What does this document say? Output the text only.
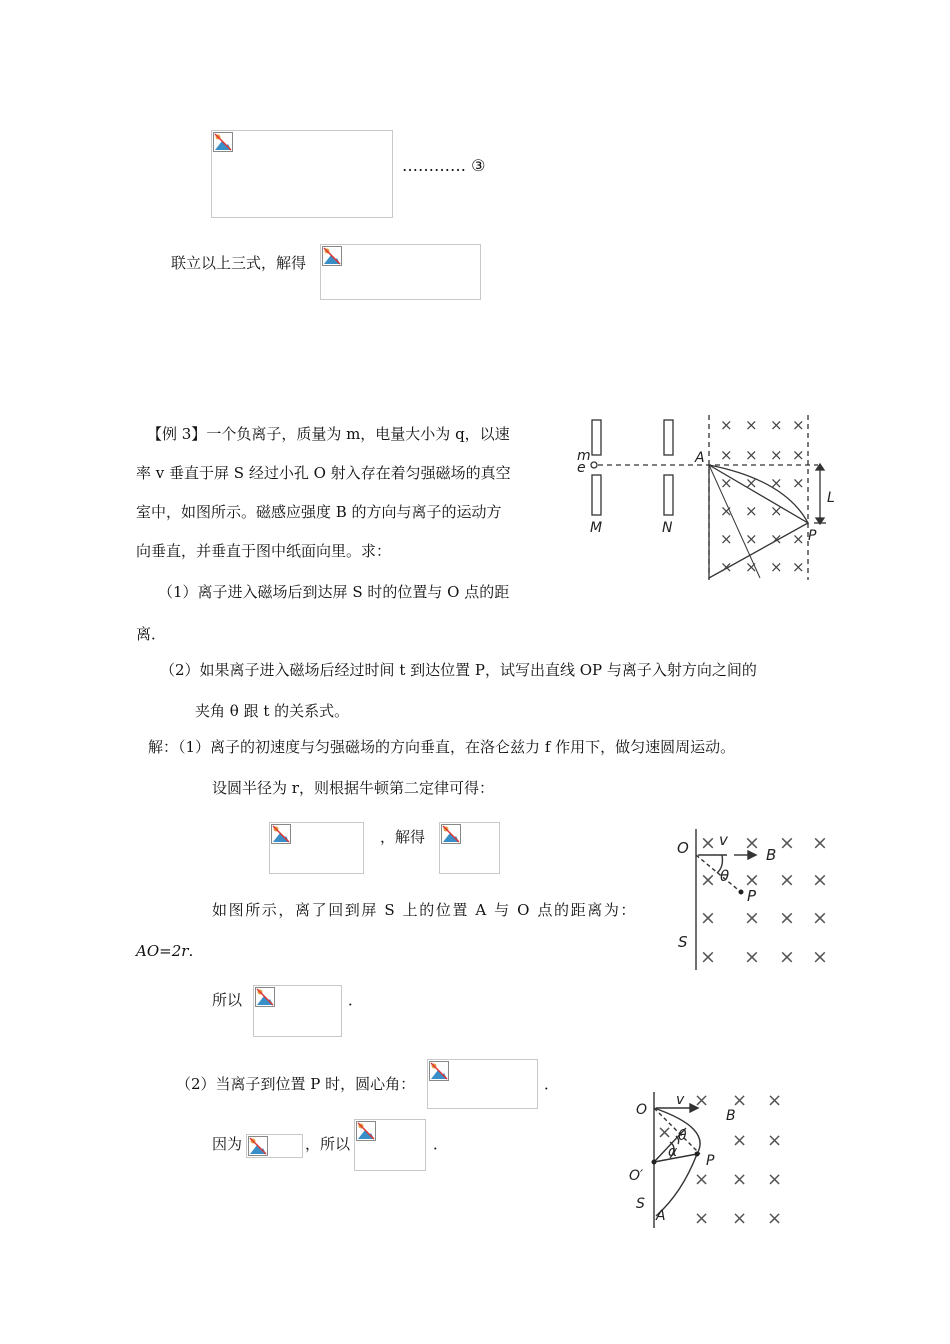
………… ③
联立以上三式，解得
【例 3】一个负离子，质量为 m，电量大小为 q，以速
率 v 垂直于屏 S 经过小孔 O 射入存在着匀强磁场的真空
室中，如图所示。磁感应强度 B 的方向与离子的运动方
向垂直，并垂直于图中纸面向里。求：
（1）离子进入磁场后到达屏 S 时的位置与 O 点的距
离．
（2）如果离子进入磁场后经过时间 t 到达位置 P，试写出直线 OP 与离子入射方向之间的
夹角 θ 跟 t 的关系式。
× × × ×
× × × ×
× × × ×
× × ×
× × × ×
× × × ×
m
e
M	N
A
L
P
解：（1）离子的初速度与匀强磁场的方向垂直，在洛仑兹力 f 作用下，做匀速圆周运动。
设圆半径为 r，则根据牛顿第二定律可得：
，解得
如图所示，离了回到屏 S 上的位置 A 与 O 点的距离为：
AO=2r．
所以	．
× × × ×
× × × ×
× × × ×
× × × ×
O v
B
θ
P
S
（2）当离子到位置 P 时，圆心角：	．
因为	，所以	．
×
× × ×
× ×
× × ×
× × ×
O
v
B
θ
α
P
O′
S
A
